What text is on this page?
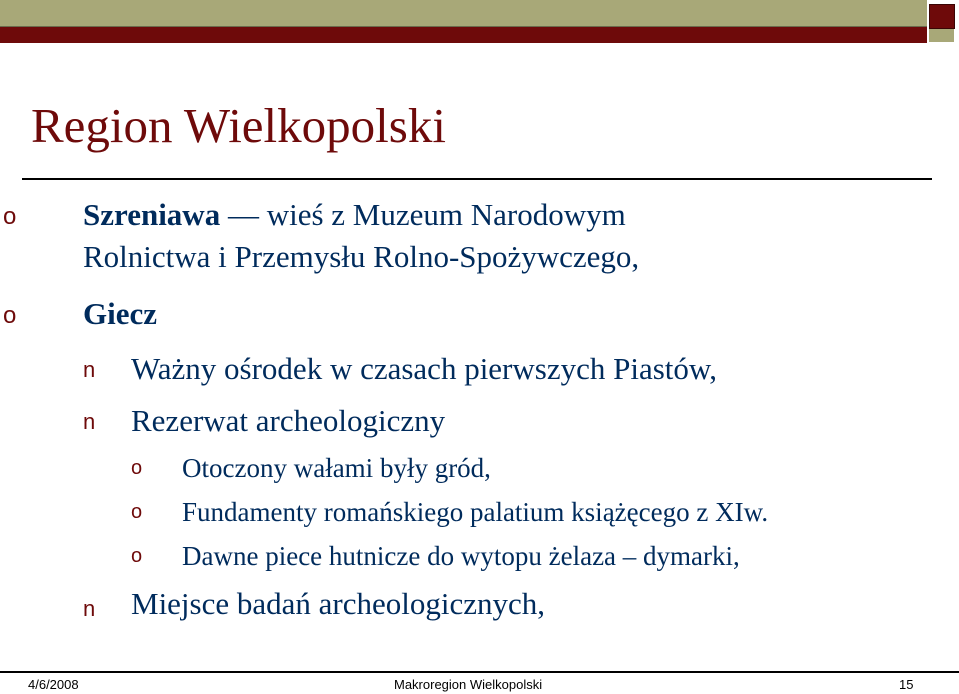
Region Wielkopolski
o Szreniawa — wieś z Muzeum Narodowym
Rolnictwa i Przemysłu Rolno-Spożywczego,
o Giecz
n Ważny ośrodek w czasach pierwszych Piastów,
n Rezerwat archeologiczny
o Otoczony wałami były gród,
o Fundamenty romańskiego palatium książęcego z XIw.
o Dawne piece hutnicze do wytopu żelaza – dymarki,
n Miejsce badań archeologicznych,
4/6/2008	Makroregion Wielkopolski	15
